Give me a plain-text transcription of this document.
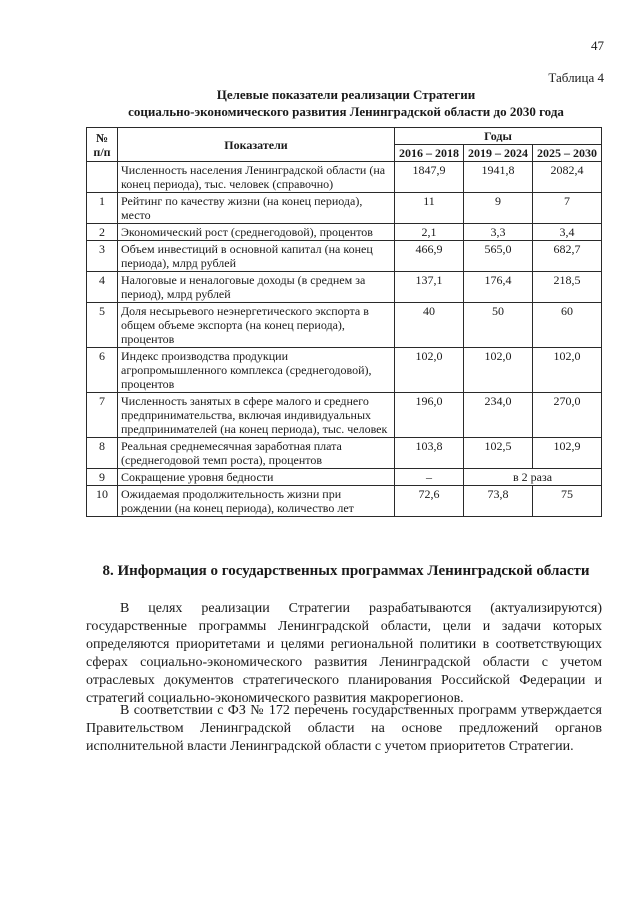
47
Таблица 4
Целевые показатели реализации Стратегии
социально-экономического развития Ленинградской области до 2030 года
№ п/п	Показатели	Годы		
		2016 – 2018	2019 – 2024	2025 – 2030
	Численность населения Ленинградской области (на конец периода), тыс. человек (справочно)	1847,9	1941,8	2082,4
1	Рейтинг по качеству жизни (на конец периода), место	11	9	7
2	Экономический рост (среднегодовой), процентов	2,1	3,3	3,4
3	Объем инвестиций в основной капитал (на конец периода), млрд рублей	466,9	565,0	682,7
4	Налоговые и неналоговые доходы (в среднем за период), млрд рублей	137,1	176,4	218,5
5	Доля несырьевого неэнергетического экспорта в общем объеме экспорта (на конец периода), процентов	40	50	60
6	Индекс производства продукции агропромышленного комплекса (среднегодовой), процентов	102,0	102,0	102,0
7	Численность занятых в сфере малого и среднего предпринимательства, включая индивидуальных предпринимателей (на конец периода), тыс. человек	196,0	234,0	270,0
8	Реальная среднемесячная заработная плата (среднегодовой темп роста), процентов	103,8	102,5	102,9
9	Сокращение уровня бедности	–	в 2 раза	
10	Ожидаемая продолжительность жизни при рождении (на конец периода), количество лет	72,6	73,8	75
8. Информация о государственных программах Ленинградской области

В целях реализации Стратегии разрабатываются (актуализируются) государственные программы Ленинградской области, цели и задачи которых определяются приоритетами и целями региональной политики в соответствующих сферах социально-экономического развития Ленинградской области с учетом отраслевых документов стратегического планирования Российской Федерации и стратегий социально-экономического развития макрорегионов.

В соответствии с ФЗ № 172 перечень государственных программ утверждается Правительством Ленинградской области на основе предложений органов исполнительной власти Ленинградской области с учетом приоритетов Стратегии.
